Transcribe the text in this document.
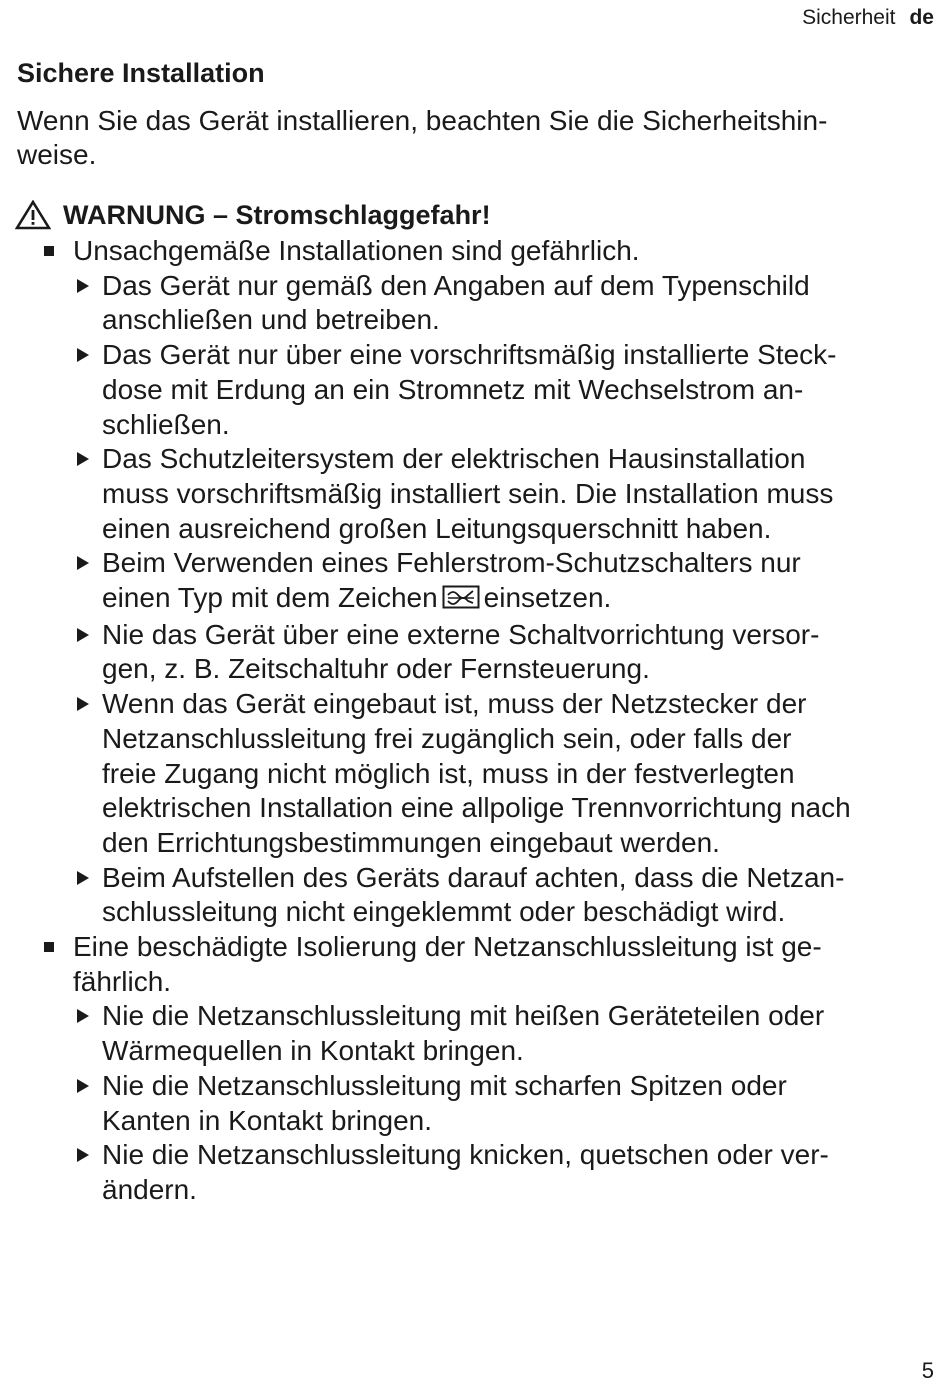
Sicherheit de
Sichere Installation

Wenn Sie das Gerät installieren, beachten Sie die Sicherheitshin-
weise.

WARNUNG – Stromschlaggefahr!
Unsachgemäße Installationen sind gefährlich.
Das Gerät nur gemäß den Angaben auf dem Typenschild
anschließen und betreiben.
Das Gerät nur über eine vorschriftsmäßig installierte Steck-
dose mit Erdung an ein Stromnetz mit Wechselstrom an-
schließen.
Das Schutzleitersystem der elektrischen Hausinstallation
muss vorschriftsmäßig installiert sein. Die Installation muss
einen ausreichend großen Leitungsquerschnitt haben.
Beim Verwenden eines Fehlerstrom-Schutzschalters nur
einen Typ mit dem Zeichen einsetzen.
Nie das Gerät über eine externe Schaltvorrichtung versor-
gen, z. B. Zeitschaltuhr oder Fernsteuerung.
Wenn das Gerät eingebaut ist, muss der Netzstecker der
Netzanschlussleitung frei zugänglich sein, oder falls der
freie Zugang nicht möglich ist, muss in der festverlegten
elektrischen Installation eine allpolige Trennvorrichtung nach
den Errichtungsbestimmungen eingebaut werden.
Beim Aufstellen des Geräts darauf achten, dass die Netzan-
schlussleitung nicht eingeklemmt oder beschädigt wird.
Eine beschädigte Isolierung der Netzanschlussleitung ist ge-
fährlich.
Nie die Netzanschlussleitung mit heißen Geräteteilen oder
Wärmequellen in Kontakt bringen.
Nie die Netzanschlussleitung mit scharfen Spitzen oder
Kanten in Kontakt bringen.
Nie die Netzanschlussleitung knicken, quetschen oder ver-
ändern.
5
